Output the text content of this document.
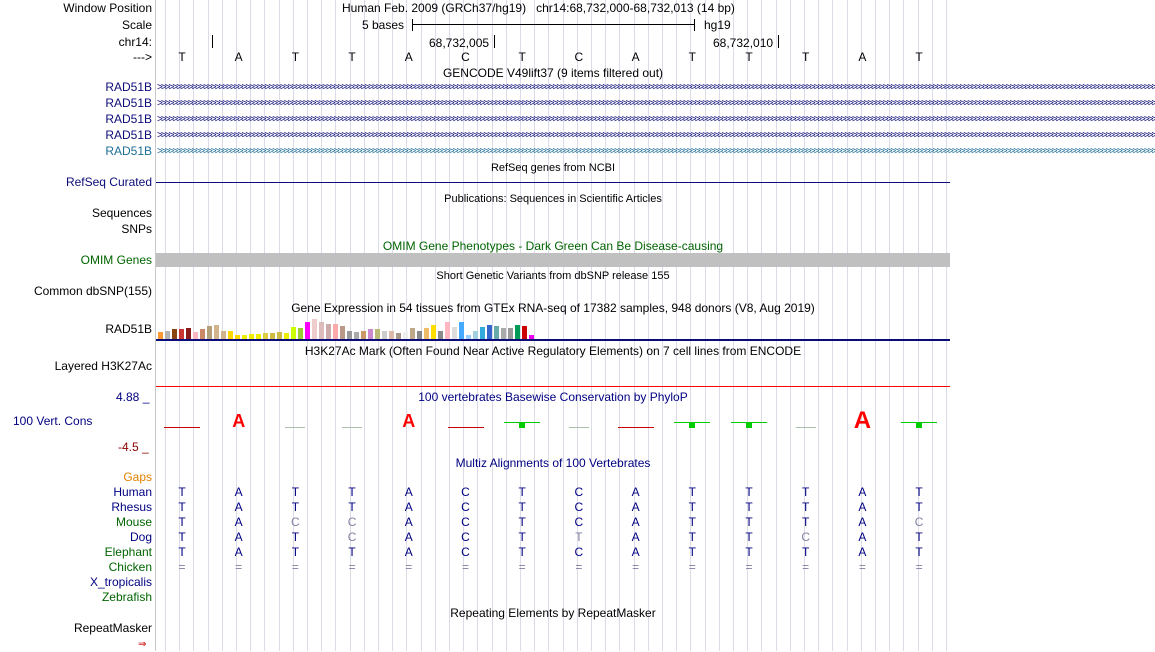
Window Position	Human Feb. 2009 (GRCh37/hg19)   chr14:68,732,000-68,732,013 (14 bp)
Scale	5 bases	hg19
chr14:	68,732,005	68,732,010
--->	T	A	T	T	A	C	T	C	A	T	T	T	A	T
GENCODE V49lift37 (9 items filtered out)
RAD51B >>>>>>>>>>>>>>>>>>>>>>>>>>>>>>>>>>>>>>>>>>>>>>>>>>>>>>>>>>>>>>>>>>>>>>>>>>>>>>>>>>>>>>>>>>>>>>>>>>>>>>>>>>>>>>>>>>>>>>>>>>>>>>>>>>>>>>>>>>>>>>>>>>>>>>>>>>>>>>>>>>>>>>>>>>>>>>>>>>>>>>>>>>>>>>>>>>>>>>>>>>>>>>>>>>>>>>>>>>>>>>>>>>>>>>>>>>>>>>>>>>>>>>>>>>>>>>>>>>>>
RAD51B >>>>>>>>>>>>>>>>>>>>>>>>>>>>>>>>>>>>>>>>>>>>>>>>>>>>>>>>>>>>>>>>>>>>>>>>>>>>>>>>>>>>>>>>>>>>>>>>>>>>>>>>>>>>>>>>>>>>>>>>>>>>>>>>>>>>>>>>>>>>>>>>>>>>>>>>>>>>>>>>>>>>>>>>>>>>>>>>>>>>>>>>>>>>>>>>>>>>>>>>>>>>>>>>>>>>>>>>>>>>>>>>>>>>>>>>>>>>>>>>>>>>>>>>>>>>>>>>>>>>
RAD51B >>>>>>>>>>>>>>>>>>>>>>>>>>>>>>>>>>>>>>>>>>>>>>>>>>>>>>>>>>>>>>>>>>>>>>>>>>>>>>>>>>>>>>>>>>>>>>>>>>>>>>>>>>>>>>>>>>>>>>>>>>>>>>>>>>>>>>>>>>>>>>>>>>>>>>>>>>>>>>>>>>>>>>>>>>>>>>>>>>>>>>>>>>>>>>>>>>>>>>>>>>>>>>>>>>>>>>>>>>>>>>>>>>>>>>>>>>>>>>>>>>>>>>>>>>>>>>>>>>>>
RAD51B >>>>>>>>>>>>>>>>>>>>>>>>>>>>>>>>>>>>>>>>>>>>>>>>>>>>>>>>>>>>>>>>>>>>>>>>>>>>>>>>>>>>>>>>>>>>>>>>>>>>>>>>>>>>>>>>>>>>>>>>>>>>>>>>>>>>>>>>>>>>>>>>>>>>>>>>>>>>>>>>>>>>>>>>>>>>>>>>>>>>>>>>>>>>>>>>>>>>>>>>>>>>>>>>>>>>>>>>>>>>>>>>>>>>>>>>>>>>>>>>>>>>>>>>>>>>>>>>>>>>
RAD51B >>>>>>>>>>>>>>>>>>>>>>>>>>>>>>>>>>>>>>>>>>>>>>>>>>>>>>>>>>>>>>>>>>>>>>>>>>>>>>>>>>>>>>>>>>>>>>>>>>>>>>>>>>>>>>>>>>>>>>>>>>>>>>>>>>>>>>>>>>>>>>>>>>>>>>>>>>>>>>>>>>>>>>>>>>>>>>>>>>>>>>>>>>>>>>>>>>>>>>>>>>>>>>>>>>>>>>>>>>>>>>>>>>>>>>>>>>>>>>>>>>>>>>>>>>>>>>>>>>>>
RefSeq genes from NCBI
RefSeq Curated
Publications: Sequences in Scientific Articles
Sequences
SNPs
OMIM Gene Phenotypes - Dark Green Can Be Disease-causing
OMIM Genes
Short Genetic Variants from dbSNP release 155
Common dbSNP(155)
Gene Expression in 54 tissues from GTEx RNA-seq of 17382 samples, 948 donors (V8, Aug 2019)
RAD51B
H3K27Ac Mark (Often Found Near Active Regulatory Elements) on 7 cell lines from ENCODE
Layered H3K27Ac
100 vertebrates Basewise Conservation by PhyloP
4.88 _
100 Vert. Cons
-4.5 _
A	A	A
Multiz Alignments of 100 Vertebrates
Gaps
Human	T	A	T	T	A	C	T	C	A	T	T	T	A	T
Rhesus	T	A	T	T	A	C	T	C	A	T	T	T	A	T
Mouse	T	A	C	C	A	C	T	C	A	T	T	T	A	C
Dog	T	A	T	C	A	C	T	T	A	T	T	C	A	T
Elephant	T	A	T	T	A	C	T	C	A	T	T	T	A	T
Chicken	=	=	=	=	=	=	=	=	=	=	=	=	=	=
X_tropicalis
Zebrafish
Repeating Elements by RepeatMasker
RepeatMasker
⇒
